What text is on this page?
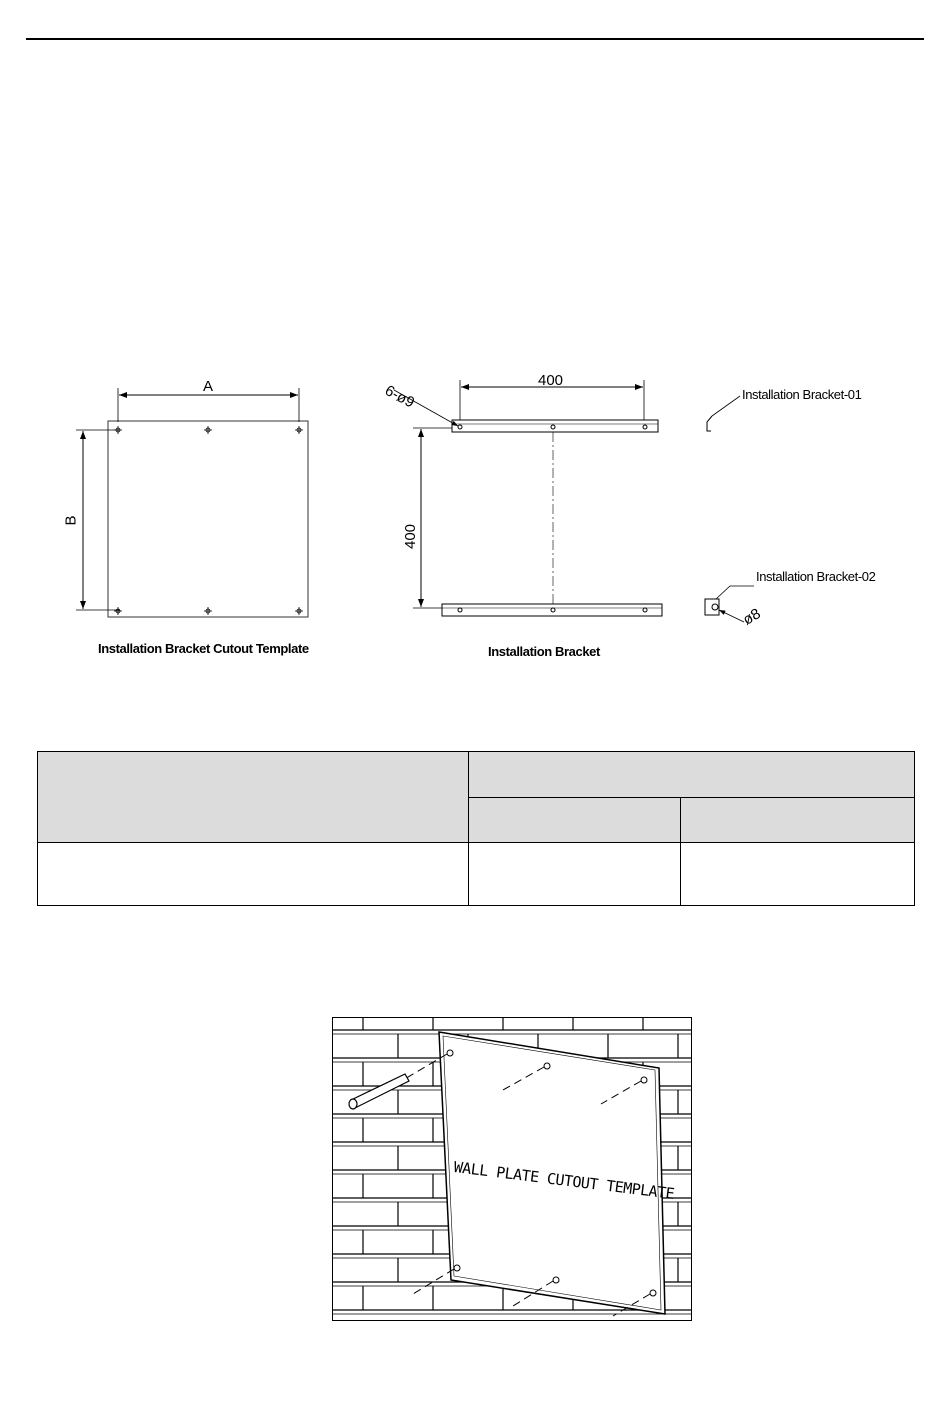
A
B
Installation Bracket Cutout Template
400
400
6-ø9
Installation Bracket
Installation Bracket-01
Installation Bracket-02
ø8

WALL PLATE CUTOUT TEMPLATE
